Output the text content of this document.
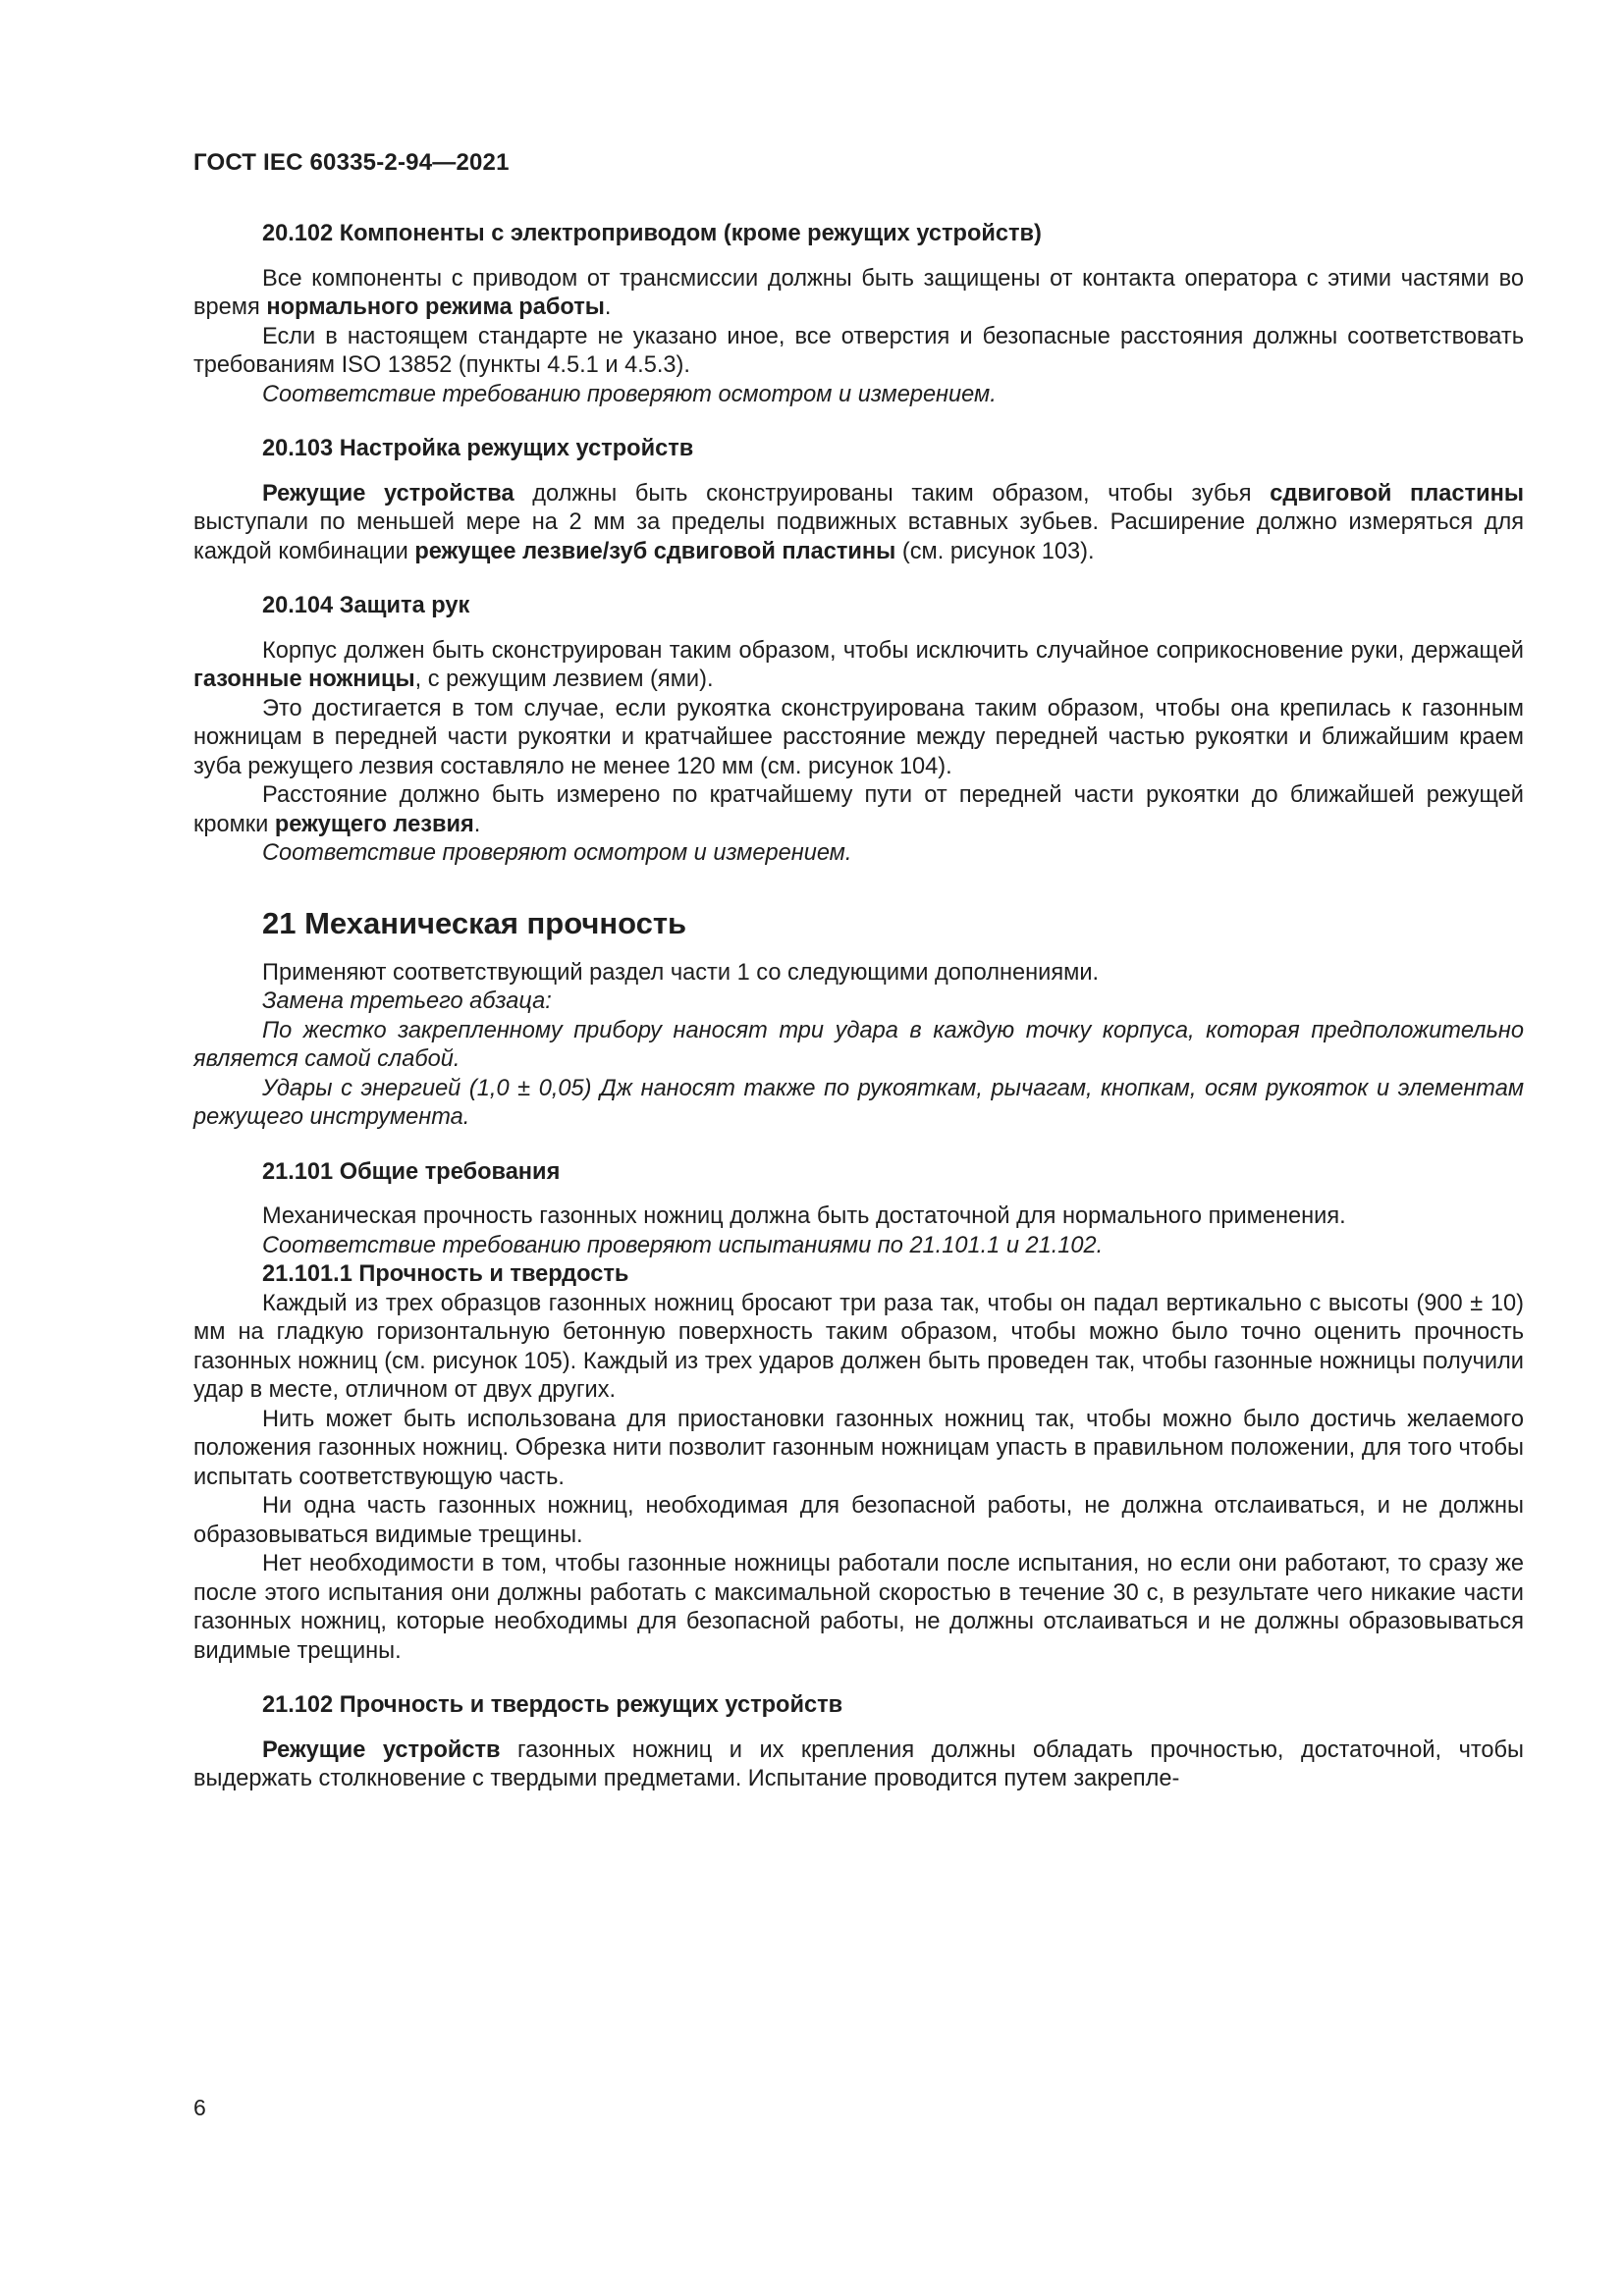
ГОСТ IEC 60335-2-94—2021
20.102 Компоненты с электроприводом (кроме режущих устройств)

Все компоненты с приводом от трансмиссии должны быть защищены от контакта оператора с этими частями во время нормального режима работы.

Если в настоящем стандарте не указано иное, все отверстия и безопасные расстояния должны соответствовать требованиям ISO 13852 (пункты 4.5.1 и 4.5.3).

Соответствие требованию проверяют осмотром и измерением.

20.103 Настройка режущих устройств

Режущие устройства должны быть сконструированы таким образом, чтобы зубья сдвиговой пластины выступали по меньшей мере на 2 мм за пределы подвижных вставных зубьев. Расширение должно измеряться для каждой комбинации режущее лезвие/зуб сдвиговой пластины (см. рисунок 103).

20.104 Защита рук

Корпус должен быть сконструирован таким образом, чтобы исключить случайное соприкосновение руки, держащей газонные ножницы, с режущим лезвием (ями).

Это достигается в том случае, если рукоятка сконструирована таким образом, чтобы она крепилась к газонным ножницам в передней части рукоятки и кратчайшее расстояние между передней частью рукоятки и ближайшим краем зуба режущего лезвия составляло не менее 120 мм (см. рисунок 104).

Расстояние должно быть измерено по кратчайшему пути от передней части рукоятки до ближайшей режущей кромки режущего лезвия.

Соответствие проверяют осмотром и измерением.

21 Механическая прочность

Применяют соответствующий раздел части 1 со следующими дополнениями.

Замена третьего абзаца:

По жестко закрепленному прибору наносят три удара в каждую точку корпуса, которая предположительно является самой слабой.

Удары с энергией (1,0 ± 0,05) Дж наносят также по рукояткам, рычагам, кнопкам, осям рукояток и элементам режущего инструмента.

21.101 Общие требования

Механическая прочность газонных ножниц должна быть достаточной для нормального применения.

Соответствие требованию проверяют испытаниями по 21.101.1 и 21.102.

21.101.1 Прочность и твердость

Каждый из трех образцов газонных ножниц бросают три раза так, чтобы он падал вертикально с высоты (900 ± 10) мм на гладкую горизонтальную бетонную поверхность таким образом, чтобы можно было точно оценить прочность газонных ножниц (см. рисунок 105). Каждый из трех ударов должен быть проведен так, чтобы газонные ножницы получили удар в месте, отличном от двух других.

Нить может быть использована для приостановки газонных ножниц так, чтобы можно было достичь желаемого положения газонных ножниц. Обрезка нити позволит газонным ножницам упасть в правильном положении, для того чтобы испытать соответствующую часть.

Ни одна часть газонных ножниц, необходимая для безопасной работы, не должна отслаиваться, и не должны образовываться видимые трещины.

Нет необходимости в том, чтобы газонные ножницы работали после испытания, но если они работают, то сразу же после этого испытания они должны работать с максимальной скоростью в течение 30 с, в результате чего никакие части газонных ножниц, которые необходимы для безопасной работы, не должны отслаиваться и не должны образовываться видимые трещины.

21.102 Прочность и твердость режущих устройств

Режущие устройств газонных ножниц и их крепления должны обладать прочностью, достаточной, чтобы выдержать столкновение с твердыми предметами. Испытание проводится путем закрепле-

6
